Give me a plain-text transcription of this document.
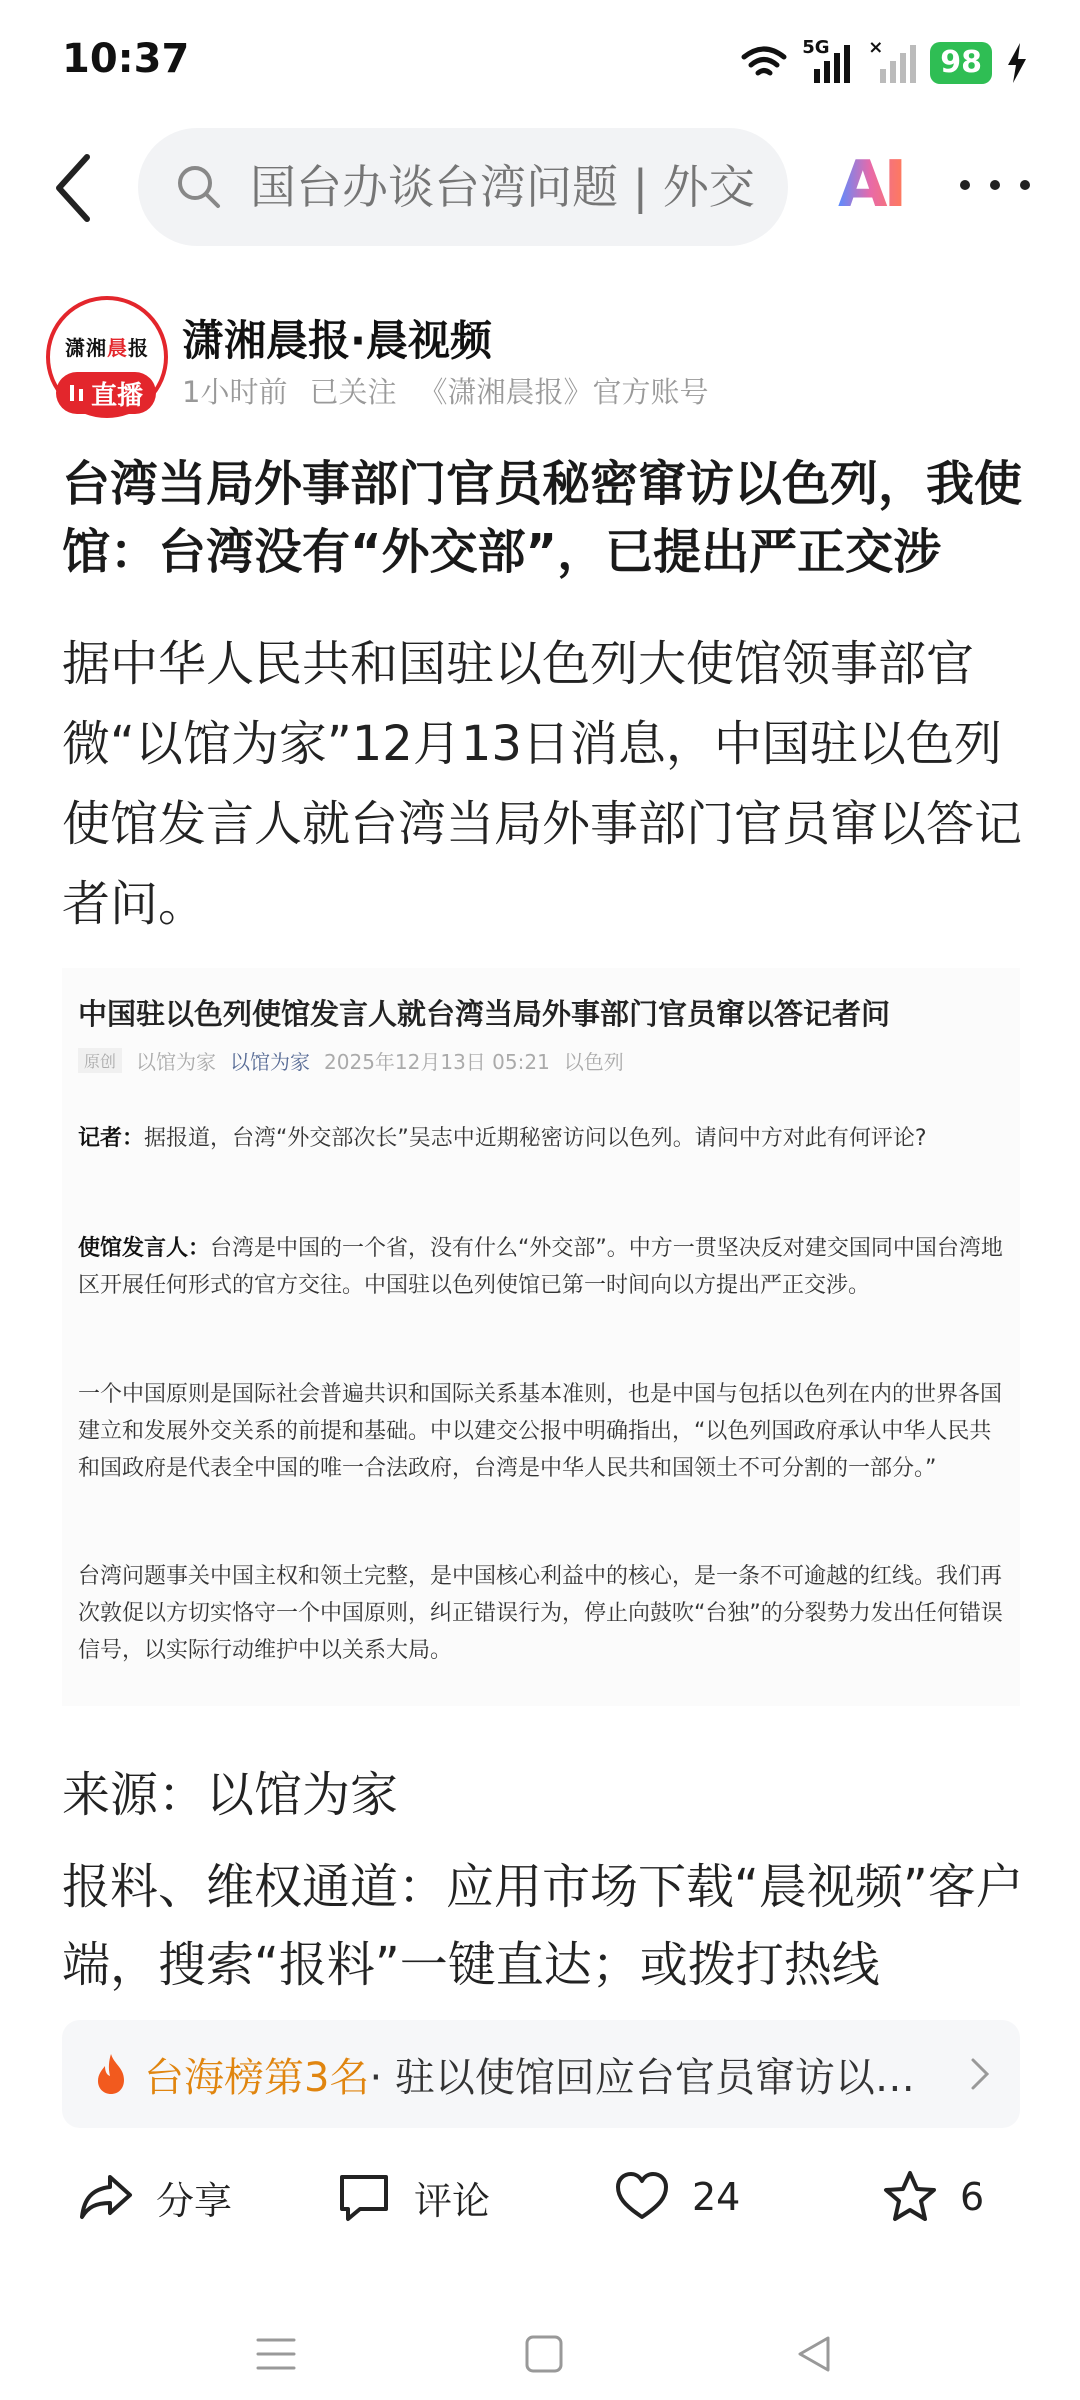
10:37	5G ×	98
国台办谈台湾问题 | 外交
AI
潇湘晨报
直播
潇湘晨报·晨视频
1小时前 已关注 《潇湘晨报》官方账号
台湾当局外事部门官员秘密窜访以色列，我使馆：台湾没有“外交部”，已提出严正交涉
据中华人民共和国驻以色列大使馆领事部官微“以馆为家”12月13日消息，中国驻以色列使馆发言人就台湾当局外事部门官员窜以答记者问。
中国驻以色列使馆发言人就台湾当局外事部门官员窜以答记者问
原创	以馆为家 以馆为家 2025年12月13日 05:21 以色列
记者：据报道，台湾“外交部次长”吴志中近期秘密访问以色列。请问中方对此有何评论?
使馆发言人：台湾是中国的一个省，没有什么“外交部”。中方一贯坚决反对建交国同中国台湾地区开展任何形式的官方交往。中国驻以色列使馆已第一时间向以方提出严正交涉。
一个中国原则是国际社会普遍共识和国际关系基本准则，也是中国与包括以色列在内的世界各国建立和发展外交关系的前提和基础。中以建交公报中明确指出，“以色列国政府承认中华人民共和国政府是代表全中国的唯一合法政府，台湾是中华人民共和国领土不可分割的一部分。”
台湾问题事关中国主权和领土完整，是中国核心利益中的核心，是一条不可逾越的红线。我们再次敦促以方切实恪守一个中国原则，纠正错误行为，停止向鼓吹“台独”的分裂势力发出任何错误信号，以实际行动维护中以关系大局。
来源：以馆为家
报料、维权通道：应用市场下载“晨视频”客户端，搜索“报料”一键直达；或拨打热线
台海榜第3名 · 驻以使馆回应台官员窜访以…
分享	评论	24	6
